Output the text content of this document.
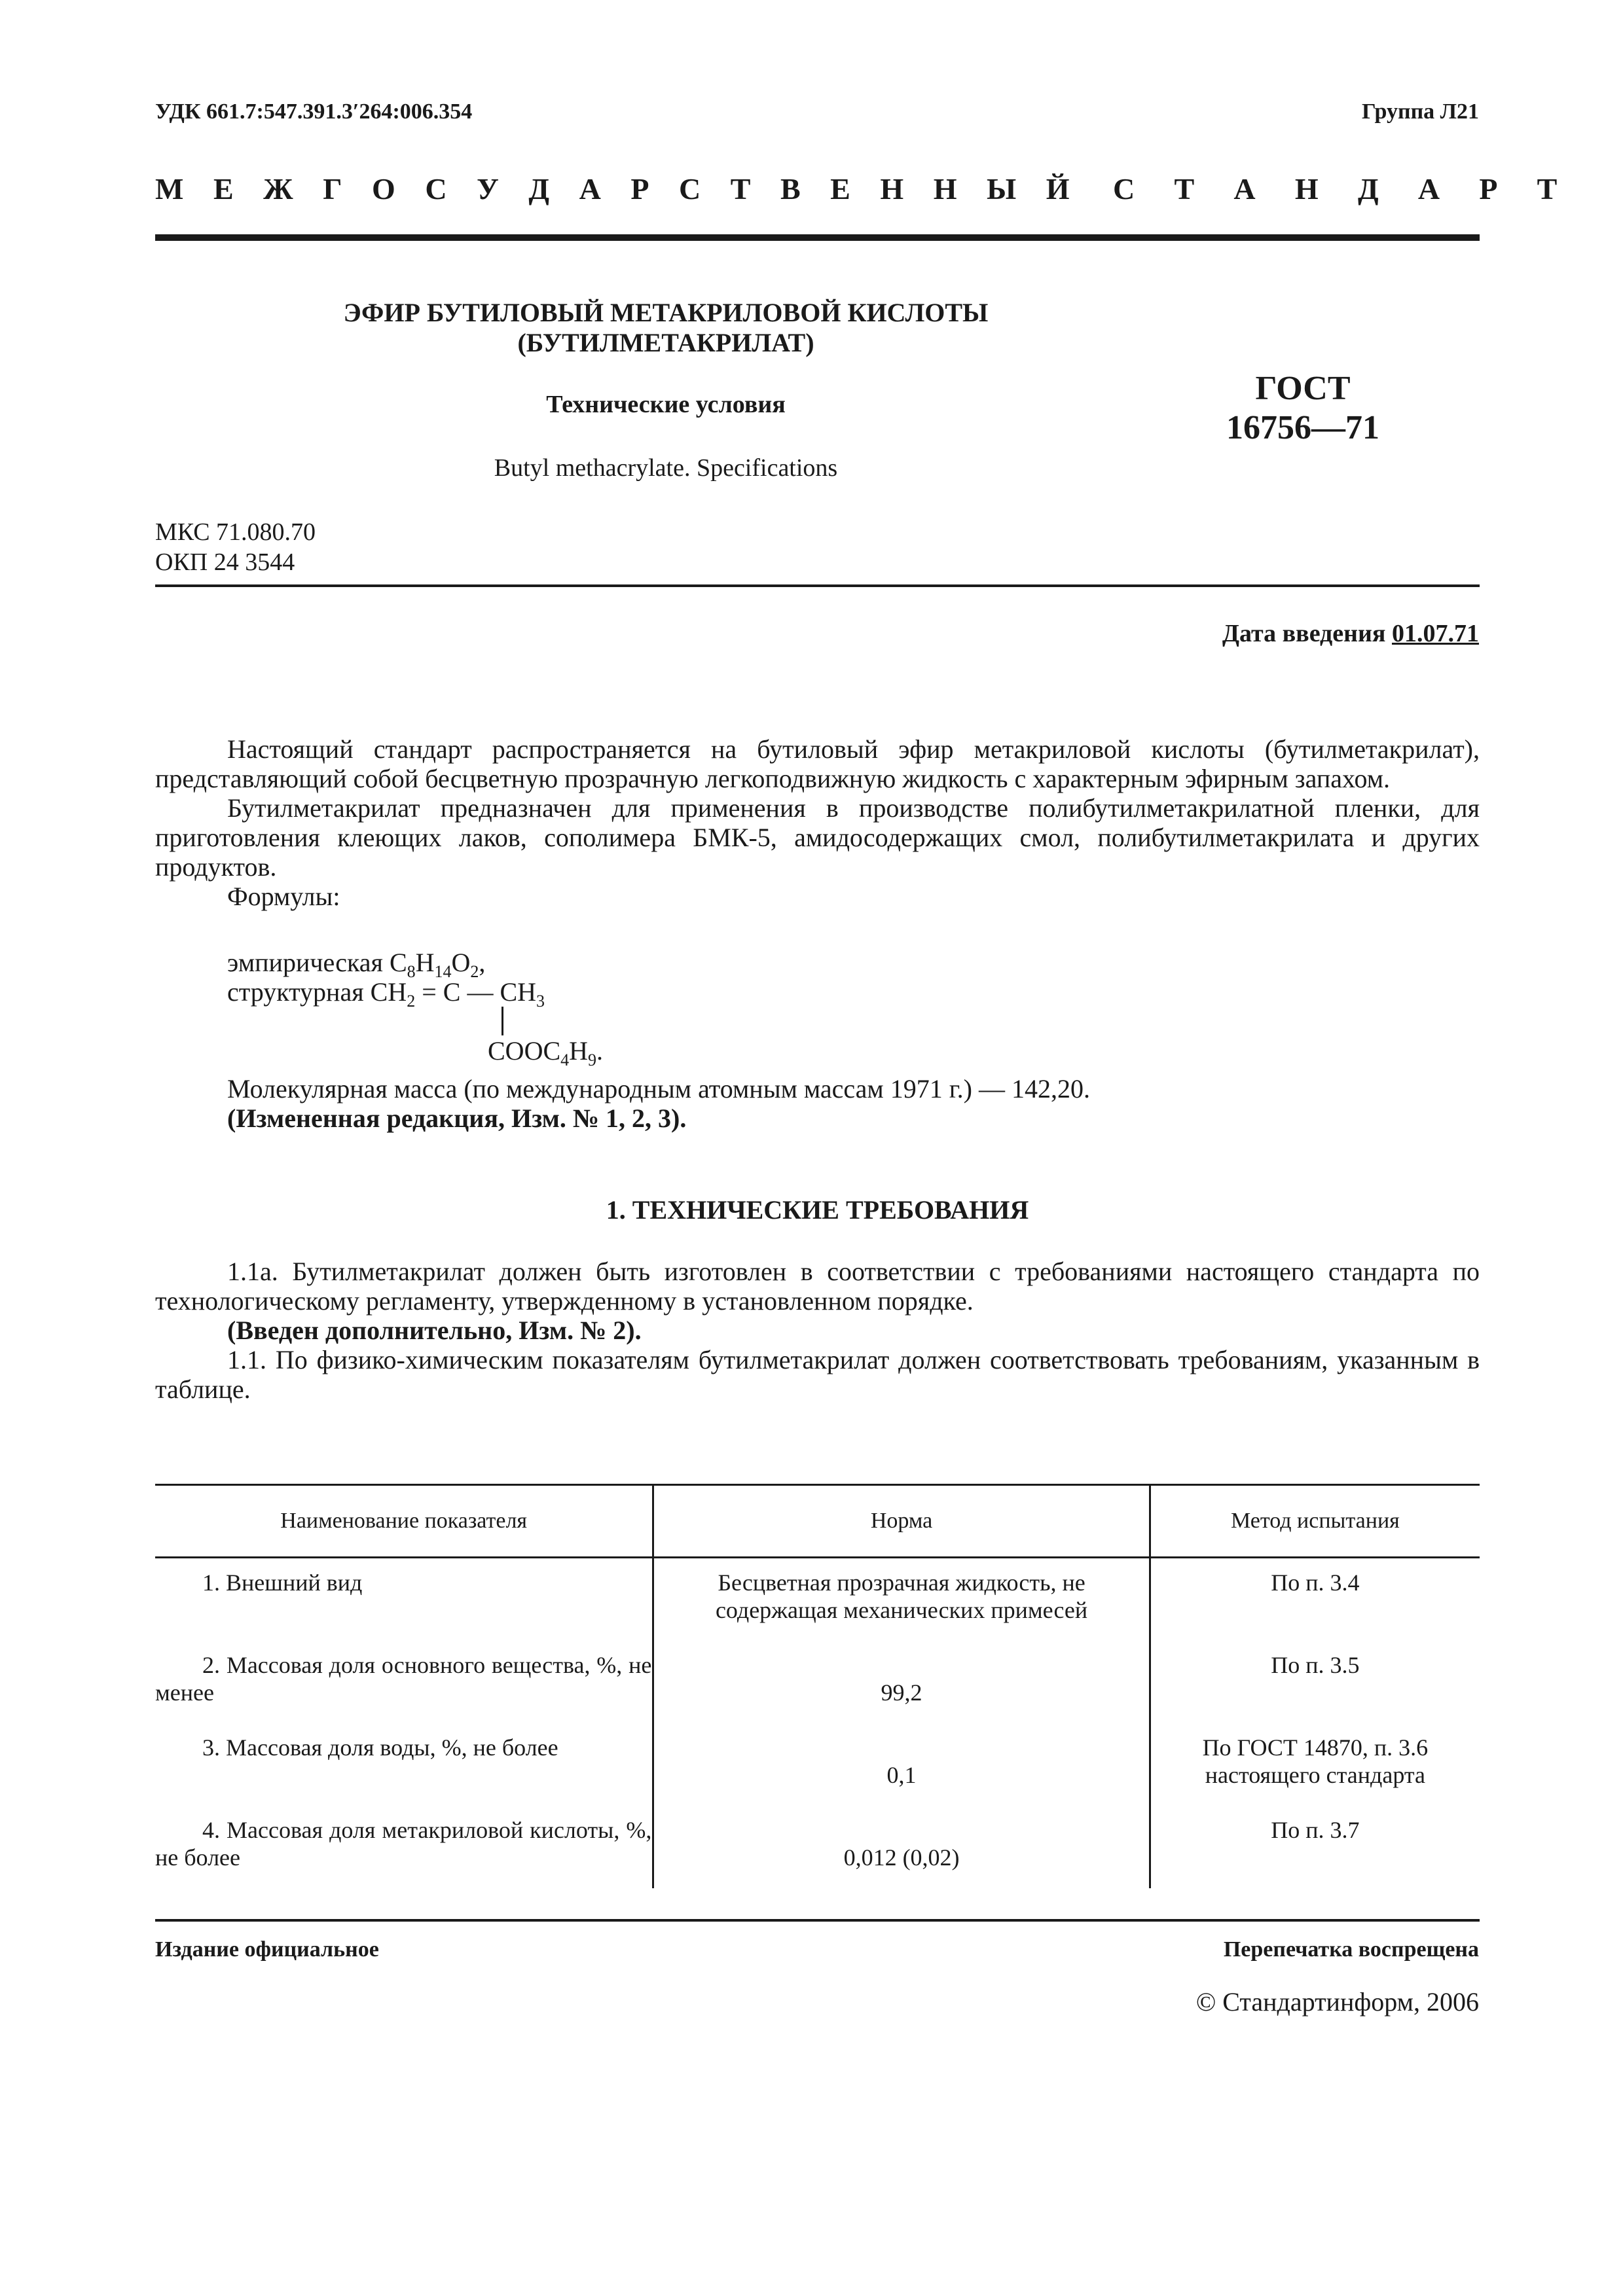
УДК 661.7:547.391.3′264:006.354	Группа Л21
М Е Ж Г О С У Д А Р С Т В Е Н Н Ы Й С Т А Н Д А Р Т
ЭФИР БУТИЛОВЫЙ МЕТАКРИЛОВОЙ КИСЛОТЫ
(БУТИЛМЕТАКРИЛАТ)
Технические условия
Butyl methacrylate. Specifications
ГОСТ
16756—71
МКС 71.080.70
ОКП 24 3544
Дата введения 01.07.71

Настоящий стандарт распространяется на бутиловый эфир метакриловой кислоты (бутилметакрилат), представляющий собой бесцветную прозрачную легкоподвижную жидкость с характерным эфирным запахом.

Бутилметакрилат предназначен для применения в производстве полибутилметакрилатной пленки, для приготовления клеющих лаков, сополимера БМК-5, амидосодержащих смол, полибутилметакрилата и других продуктов.

Формулы:

эмпирическая $C_8H_{14}O_2$,
структурная $CH_2 = C$ — $CH_3$
$COOC_4H_9$.
Молекулярная масса (по международным атомным массам 1971 г.) — 142,20.
(Измененная редакция, Изм. № 1, 2, 3).
1. ТЕХНИЧЕСКИЕ ТРЕБОВАНИЯ

1.1а. Бутилметакрилат должен быть изготовлен в соответствии с требованиями настоящего стандарта по технологическому регламенту, утвержденному в установленном порядке.

(Введен дополнительно, Изм. № 2).

1.1. По физико-химическим показателям бутилметакрилат должен соответствовать требованиям, указанным в таблице.

Наименование показателя	Норма	Метод испытания
1. Внешний вид	Бесцветная прозрачная жидкость, не содержащая механических примесей	По п. 3.4
2. Массовая доля основного вещества, %, не менее	99,2	По п. 3.5
3. Массовая доля воды, %, не более	0,1	По ГОСТ 14870, п. 3.6 настоящего стандарта
4. Массовая доля метакриловой кислоты, %, не более	0,012 (0,02)	По п. 3.7
Издание официальное	Перепечатка воспрещена
© Стандартинформ, 2006
